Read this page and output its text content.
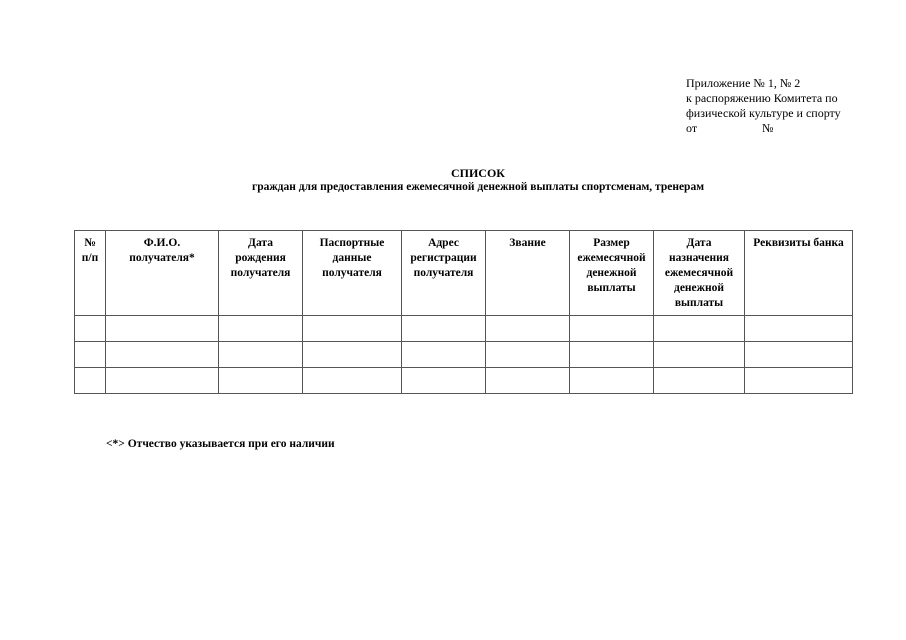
Приложение № 1, № 2
к распоряжению Комитета по
физической культуре и спорту
от	№
СПИСОК
граждан для предоставления ежемесячной денежной выплаты спортсменам, тренерам
№
п/п	Ф.И.О.
получателя*	Дата
рождения
получателя	Паспортные
данные
получателя	Адрес
регистрации
получателя	Звание	Размер
ежемесячной
денежной
выплаты	Дата
назначения
ежемесячной
денежной
выплаты	Реквизиты банка

<*> Отчество указывается при его наличии
